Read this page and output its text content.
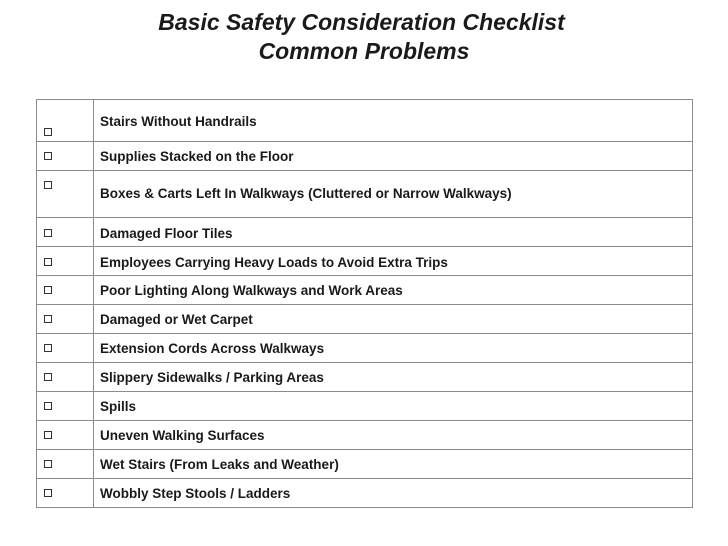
Basic Safety Consideration Checklist
Common Problems

	Stairs Without Handrails

	Supplies Stacked on the Floor

	Boxes & Carts Left In Walkways (Cluttered or Narrow Walkways)

	Damaged Floor Tiles

	Employees Carrying Heavy Loads to Avoid Extra Trips

	Poor Lighting Along Walkways and Work Areas

	Damaged or Wet Carpet

	Extension Cords Across Walkways

	Slippery Sidewalks / Parking Areas

	Spills

	Uneven Walking Surfaces

	Wet Stairs (From Leaks and Weather)

	Wobbly Step Stools / Ladders
